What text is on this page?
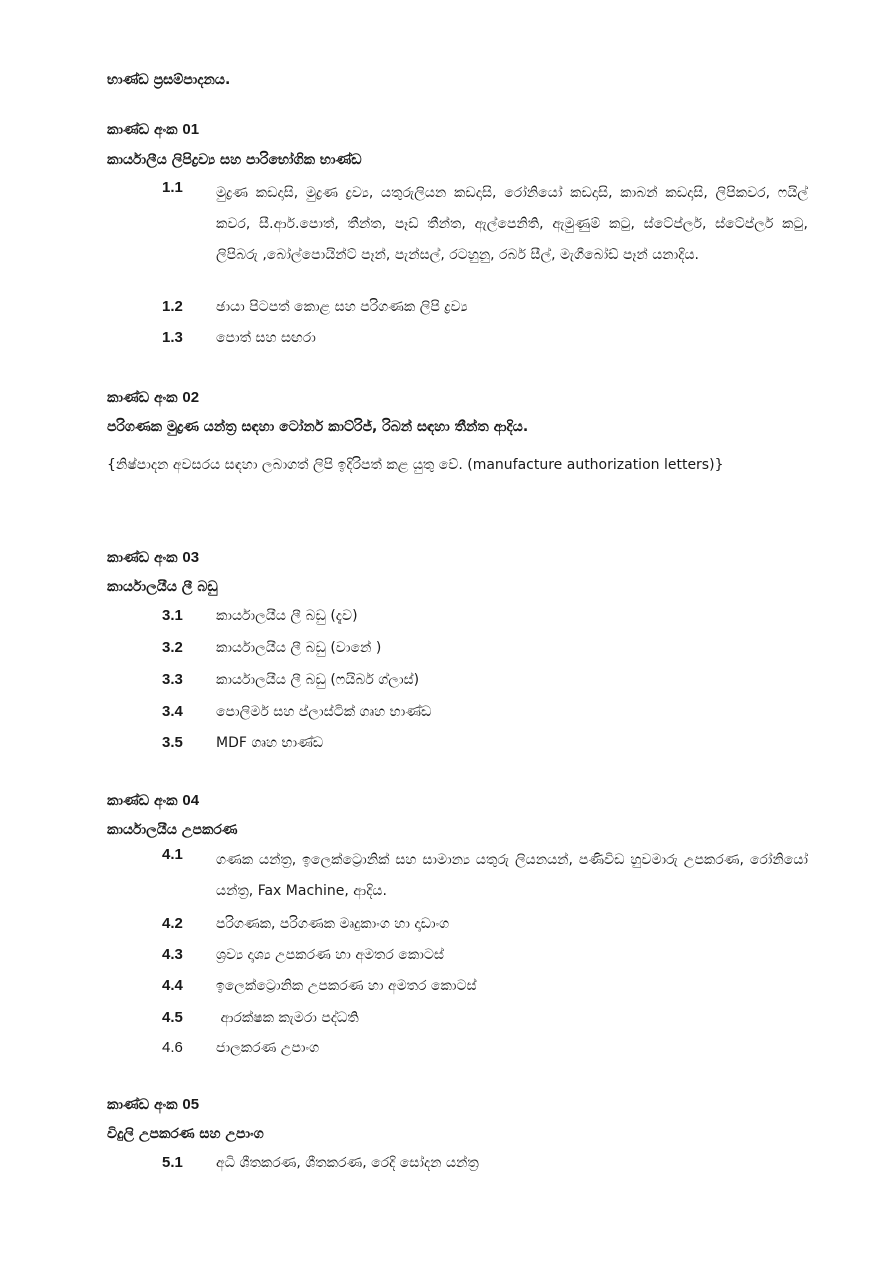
භාණ්ඩ ප්‍රසම්පාදනය.
කාණ්ඩ අංක 01
කාර්යාලීය ලිපිද්‍රව්‍ය සහ පාරිභෝගික භාණ්ඩ
1.1	මුද්‍රණ කඩදාසි, මුද්‍රණ ද්‍රව්‍ය, යතුරුලියන කඩදාසි, රෝනියෝ කඩදාසි, කාබන් කඩදාසි, ලිපිකවර, ෆයිල් කවර, සී.ආර්.පොත්, තීන්ත, පෑඩ් තීන්ත, ඇල්පෙනිති, ඇමුණුම් කටු, ස්ටේප්ලර්, ස්ටේප්ලර් කටු, ලිපිබරු ,බෝල්පොයින්ට් පෑන්, පැන්සල්, රටහුනු, රබර් සීල්, මැගීබෝඩ් පෑන් යනාදිය.
1.2	ඡායා පිටපත් කොළ සහ පරිගණක ලිපි ද්‍රව්‍ය
1.3	පොත් සහ සඟරා
කාණ්ඩ අංක 02
පරිගණක මුද්‍රණ යන්ත්‍ර සඳහා ටෝනර් කාට්රිජ්, රිබන් සඳහා තීන්ත ආදිය.
{නිෂ්පාදන අවසරය සඳහා ලබාගත් ලිපි ඉදිරිපත් කළ යුතු වේ. (manufacture authorization letters)}
කාණ්ඩ අංක 03
කාර්යාලයීය ලී බඩු
3.1	කාර්යාලයීය ලී බඩු (දැව)
3.2	කාර්යාලයීය ලී බඩු (වානේ )
3.3	කාර්යාලයීය ලී බඩු (ෆයිබර් ග්ලාස්)
3.4	පොලිමර් සහ ප්ලාස්ටික් ගෘහ භාණ්ඩ
3.5	MDF ගෘහ භාණ්ඩ
කාණ්ඩ අංක 04
කාර්යාලයීය උපකරණ
4.1	ගණක යන්ත්‍ර, ඉලෙක්ට්‍රොනික් සහ සාමාන්‍ය යතුරු ලියනයන්, පණිවිඩ හුවමාරු උපකරණ, රෝනියෝ යන්ත්‍ර, Fax Machine, ආදිය.
4.2	පරිගණක, පරිගණක මෘදුකාංග හා දෘඩාංග
4.3	ශ්‍රව්‍ය දෘශ්‍ය උපකරණ හා අමතර කොටස්
4.4	ඉලෙක්ට්‍රොනික උපකරණ හා අමතර කොටස්
4.5	ආරක්ෂක කැමරා පද්ධති
4.6	ජාලකරණ උපාංග
කාණ්ඩ අංක 05
විදුලි උපකරණ සහ උපාංග
5.1	අධි ශීතකරණ, ශීතකරණ, රෙදි සෝදන යන්ත්‍ර
